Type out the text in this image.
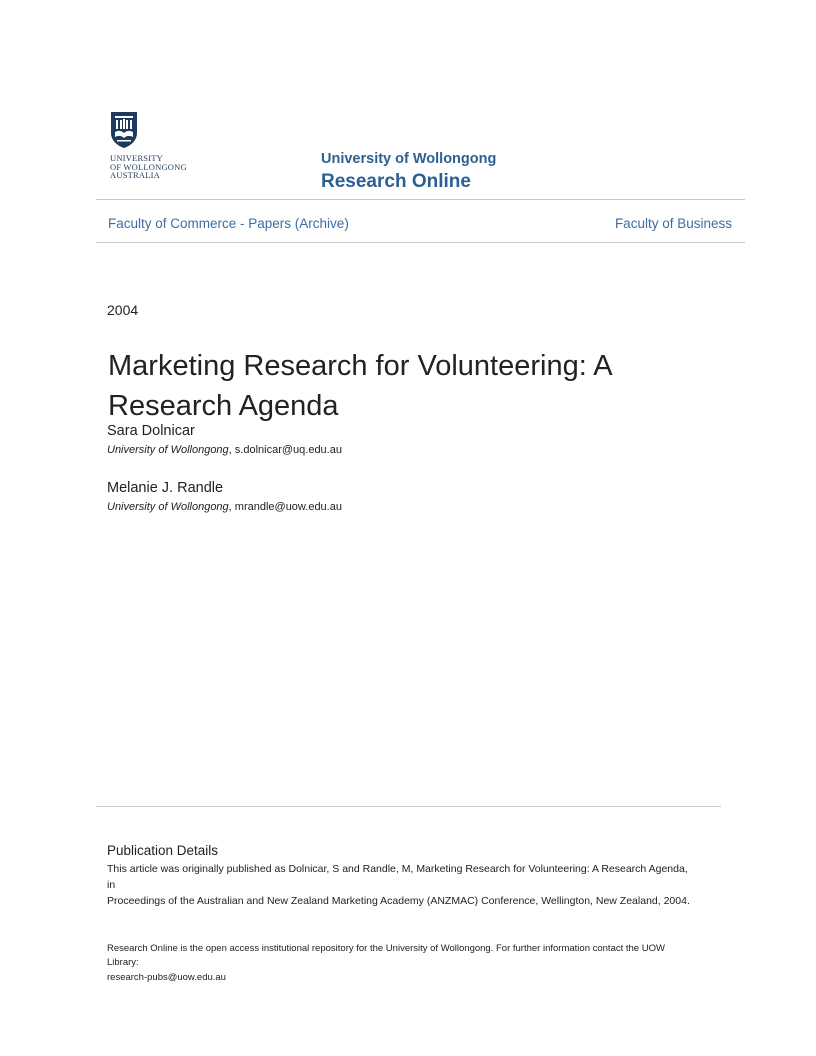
UNIVERSITY
OF WOLLONGONG
AUSTRALIA
University of Wollongong
Research Online
Faculty of Commerce - Papers (Archive)	Faculty of Business
2004
Marketing Research for Volunteering: A Research Agenda
Sara Dolnicar
University of Wollongong, s.dolnicar@uq.edu.au
Melanie J. Randle
University of Wollongong, mrandle@uow.edu.au
Publication Details
This article was originally published as Dolnicar, S and Randle, M, Marketing Research for Volunteering: A Research Agenda,
in
Proceedings of the Australian and New Zealand Marketing Academy (ANZMAC) Conference, Wellington, New Zealand, 2004.
Research Online is the open access institutional repository for the University of Wollongong. For further information contact the UOW
Library:
research-pubs@uow.edu.au
